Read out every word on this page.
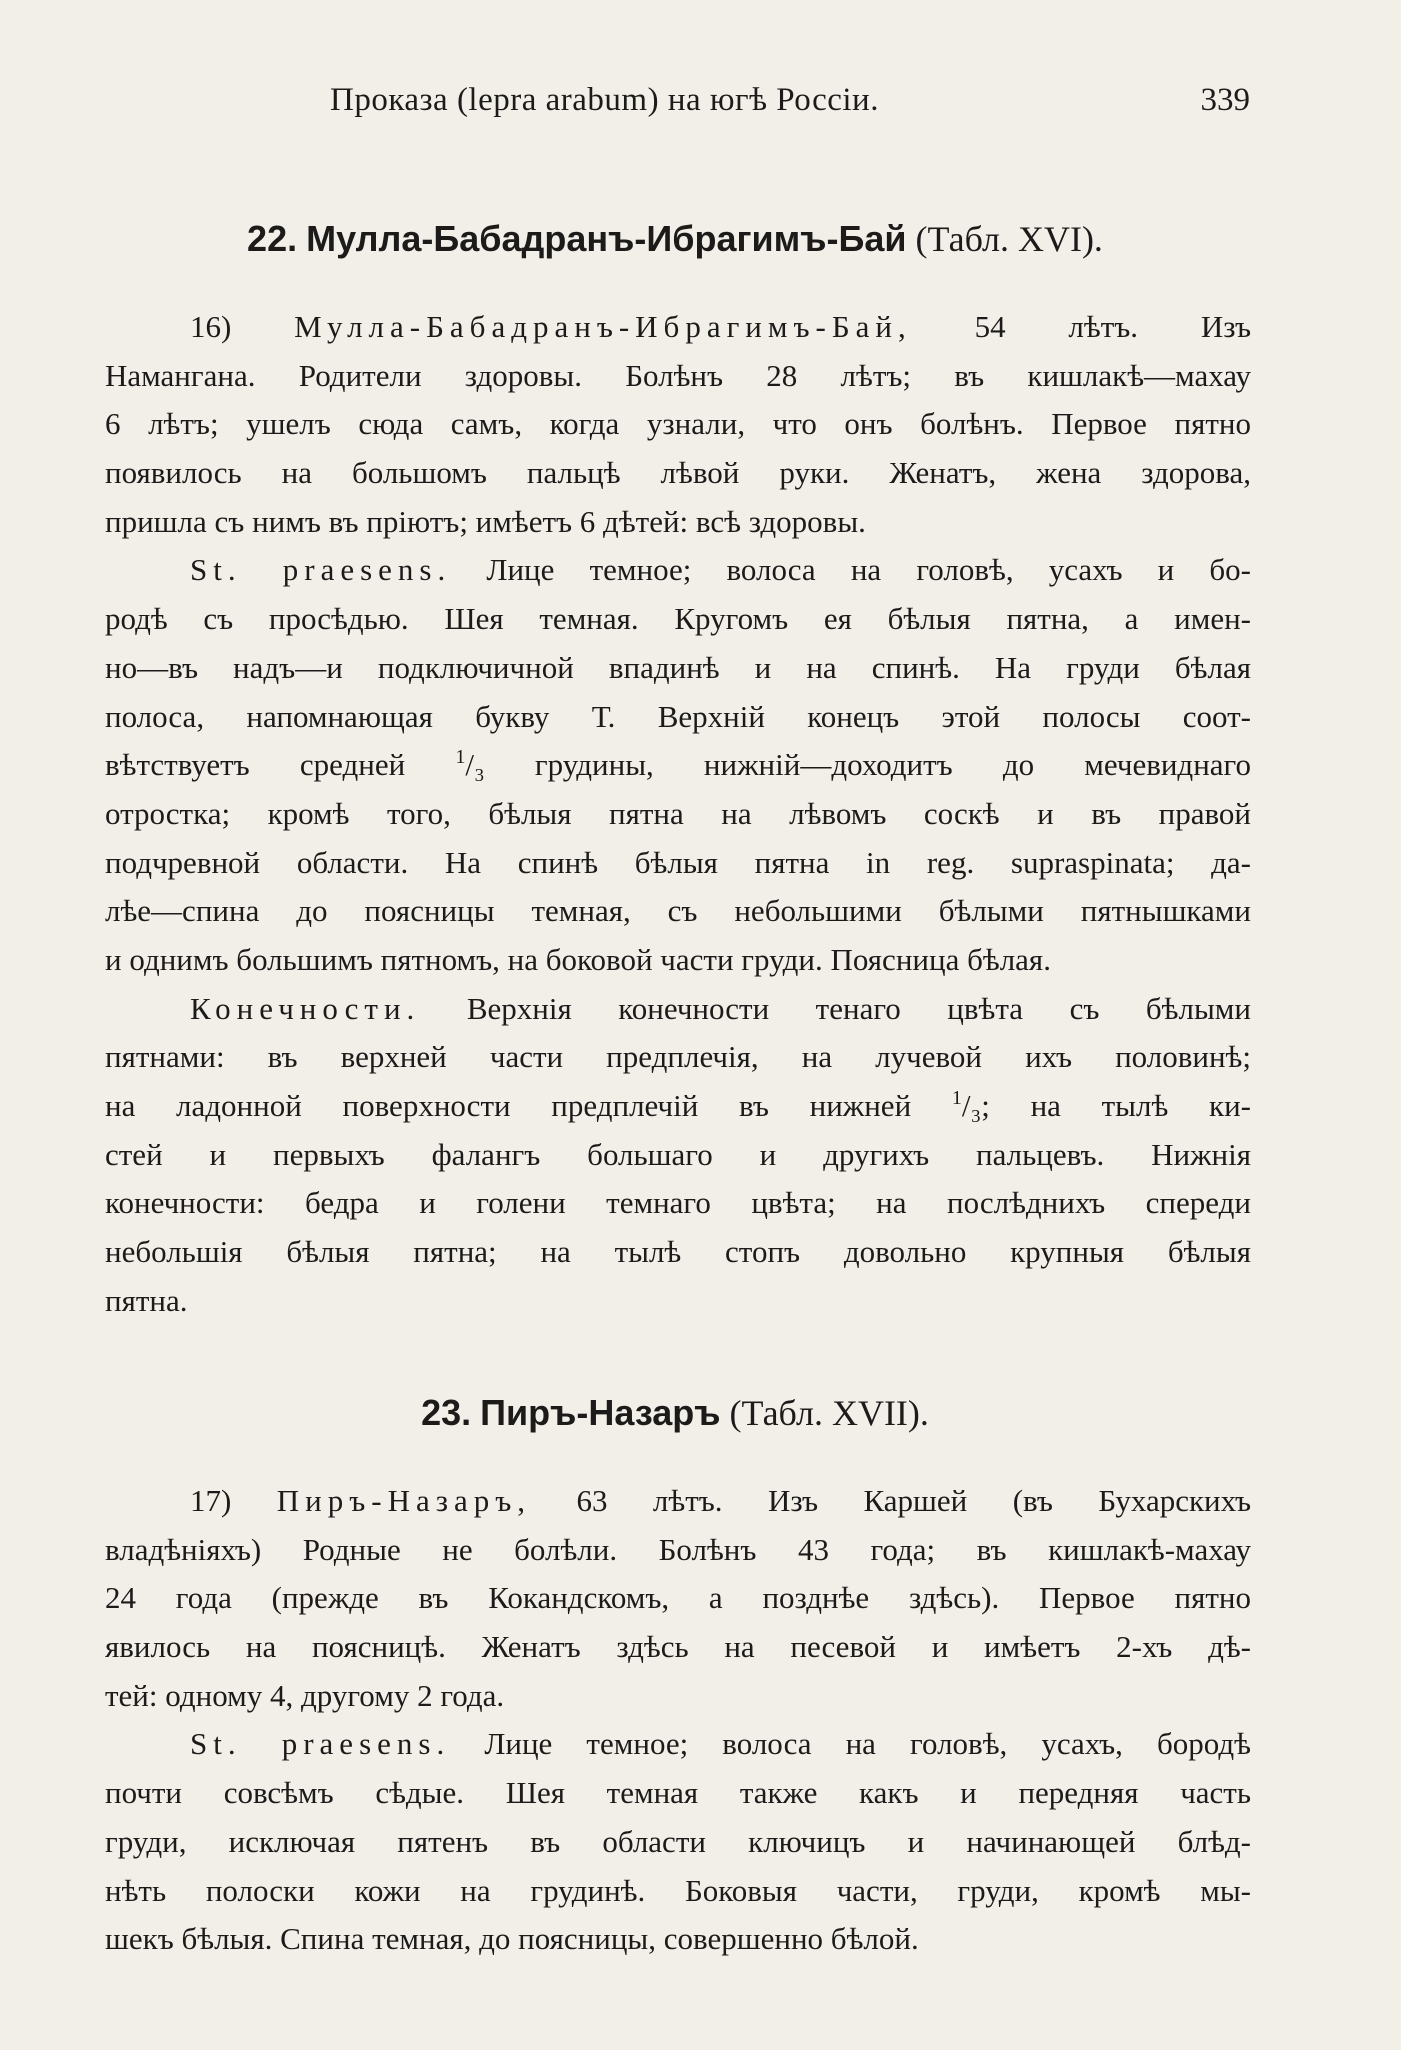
Проказа (lepra arabum) на югѣ Россіи.	339
22. Мулла-Бабадранъ-Ибрагимъ-Бай (Табл. XVI).
16) Мулла-Бабадранъ-Ибрагимъ-Бай, 54 лѣтъ. Изъ
Намангана. Родители здоровы. Болѣнъ 28 лѣтъ; въ кишлакѣ—махау
6 лѣтъ; ушелъ сюда самъ, когда узнали, что онъ болѣнъ. Первое пятно
появилось на большомъ пальцѣ лѣвой руки. Женатъ, жена здорова,
пришла съ нимъ въ пріютъ; имѣетъ 6 дѣтей: всѣ здоровы.
St. praesens. Лице темное; волоса на головѣ, усахъ и бо-
родѣ съ просѣдью. Шея темная. Кругомъ ея бѣлыя пятна, а имен-
но—въ надъ—и подключичной впадинѣ и на спинѣ. На груди бѣлая
полоса, напомнающая букву Т. Верхній конецъ этой полосы соот-
вѣтствуетъ средней $^1$/₃ грудины, нижній—доходитъ до мечевиднаго
отростка; кромѣ того, бѣлыя пятна на лѣвомъ соскѣ и въ правой
подчревной области. На спинѣ бѣлыя пятна in reg. supraspinata; да-
лѣе—спина до поясницы темная, съ небольшими бѣлыми пятнышками
и однимъ большимъ пятномъ, на боковой части груди. Поясница бѣлая.
Конечности. Верхнія конечности тенаго цвѣта съ бѣлыми
пятнами: въ верхней части предплечія, на лучевой ихъ половинѣ;
на ладонной поверхности предплечій въ нижней $^1$/₃; на тылѣ ки-
стей и первыхъ фалангъ большаго и другихъ пальцевъ. Нижнія
конечности: бедра и голени темнаго цвѣта; на послѣднихъ спереди
небольшія бѣлыя пятна; на тылѣ стопъ довольно крупныя бѣлыя
пятна.
23. Пиръ-Назаръ (Табл. XVII).
17) Пиръ-Назаръ, 63 лѣтъ. Изъ Каршей (въ Бухарскихъ
владѣніяхъ) Родные не болѣли. Болѣнъ 43 года; въ кишлакѣ-махау
24 года (прежде въ Кокандскомъ, а позднѣе здѣсь). Первое пятно
явилось на поясницѣ. Женатъ здѣсь на песевой и имѣетъ 2-хъ дѣ-
тей: одному 4, другому 2 года.
St. praesens. Лице темное; волоса на головѣ, усахъ, бородѣ
почти совсѣмъ сѣдые. Шея темная также какъ и передняя часть
груди, исключая пятенъ въ области ключицъ и начинающей блѣд-
нѣть полоски кожи на грудинѣ. Боковыя части, груди, кромѣ мы-
шекъ бѣлыя. Спина темная, до поясницы, совершенно бѣлой.
